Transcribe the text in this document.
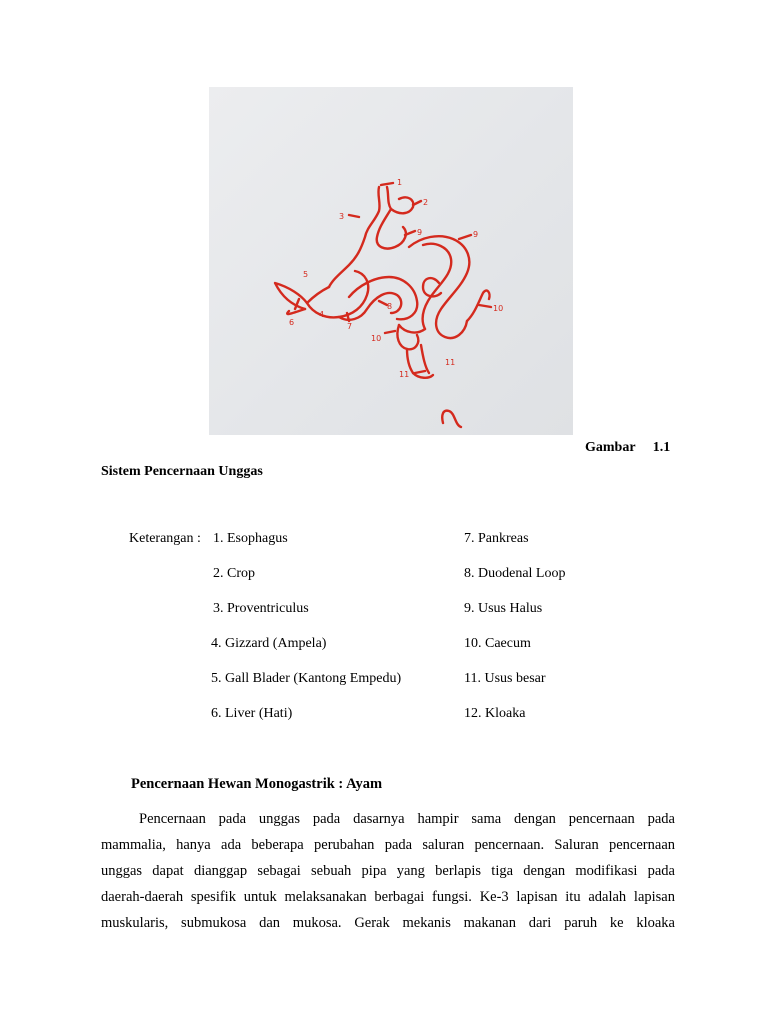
1
2
3
4
5
6	7
8
9	9
10
10
11
11
Gambar 1.1
Sistem Pencernaan Unggas
Keterangan : 1. Esophagus
2. Crop
3. Proventriculus
4. Gizzard (Ampela)
5. Gall Blader (Kantong Empedu)
6. Liver (Hati)
7. Pankreas
8. Duodenal Loop
9. Usus Halus
10. Caecum
11. Usus besar
12. Kloaka
Pencernaan Hewan Monogastrik : Ayam
Pencernaan pada unggas pada dasarnya hampir sama dengan pencernaan pada
mammalia, hanya ada beberapa perubahan pada saluran pencernaan. Saluran pencernaan
unggas dapat dianggap sebagai sebuah pipa yang berlapis tiga dengan modifikasi pada
daerah-daerah spesifik untuk melaksanakan berbagai fungsi. Ke-3 lapisan itu adalah lapisan
muskularis, submukosa dan mukosa. Gerak mekanis makanan dari paruh ke kloaka
